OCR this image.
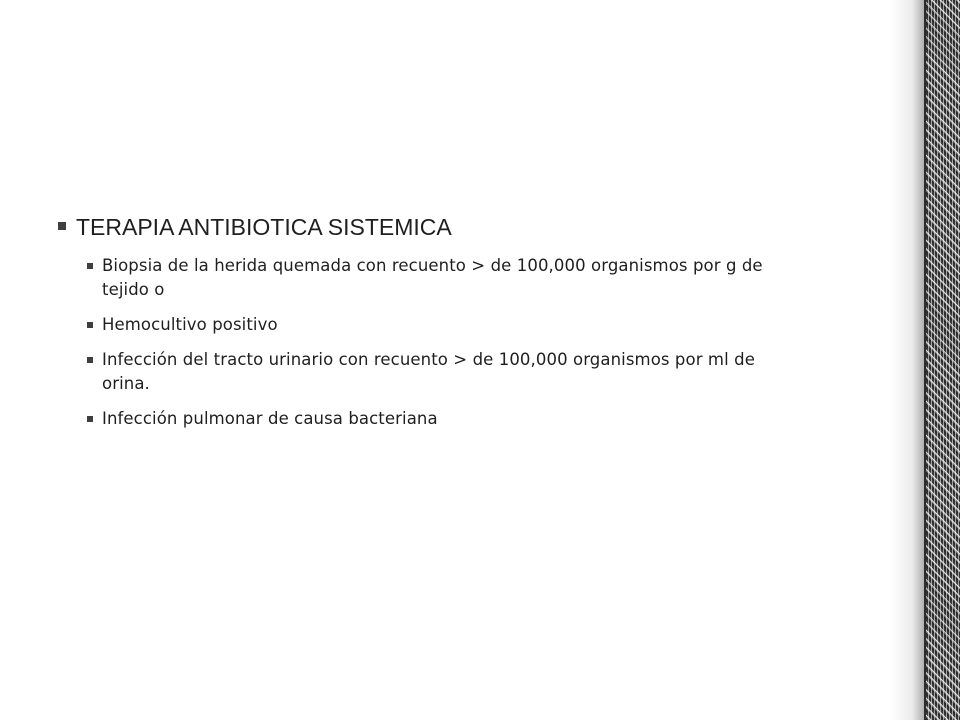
TERAPIA ANTIBIOTICA SISTEMICA
Biopsia de la herida quemada con recuento > de 100,000 organismos por g de tejido o
Hemocultivo positivo
Infección del tracto urinario con recuento > de 100,000 organismos por ml de orina.
Infección pulmonar de causa bacteriana
